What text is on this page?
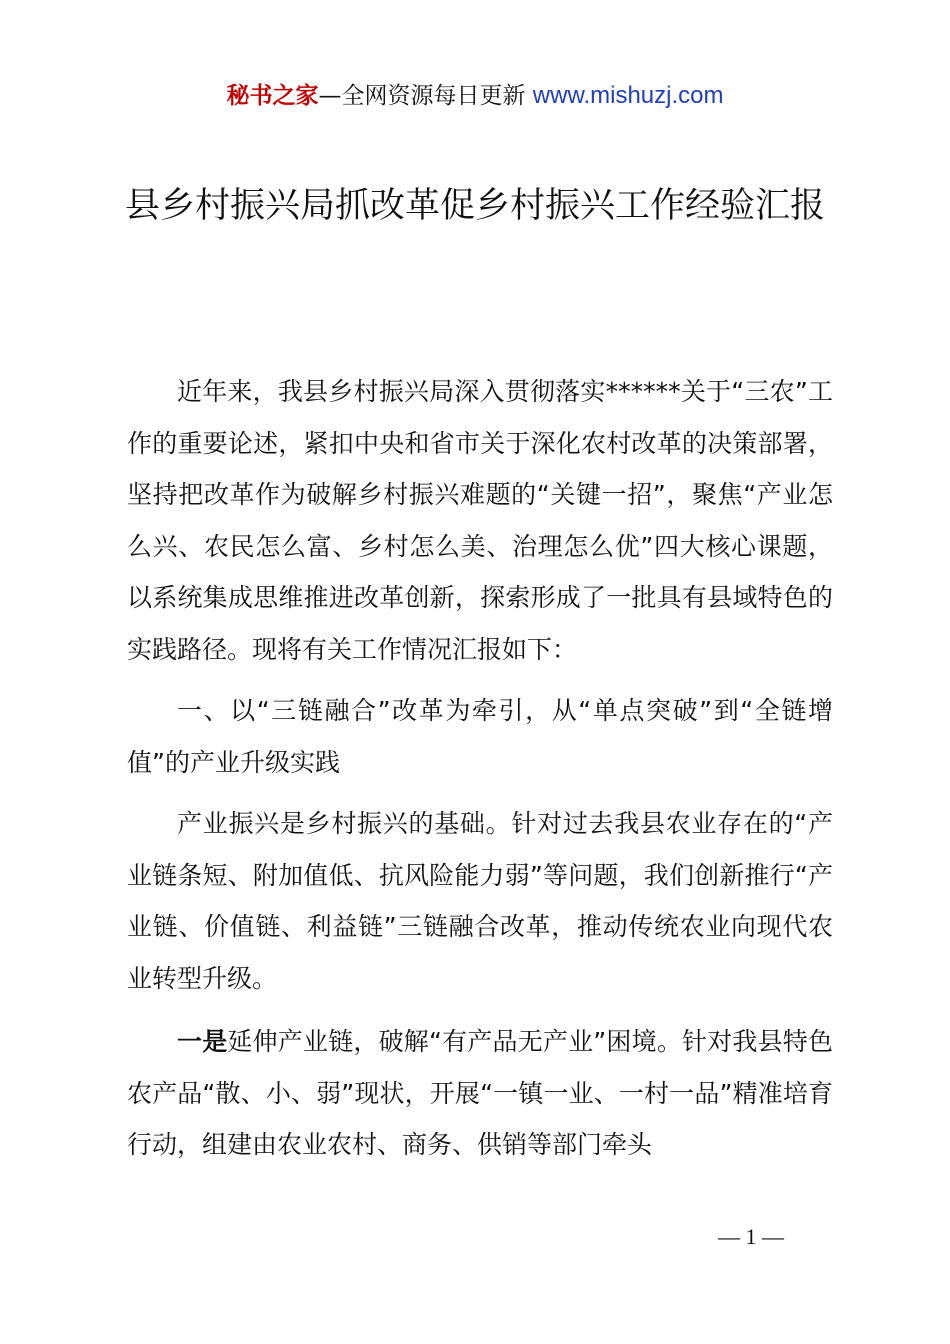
秘书之家—全网资源每日更新 www.mishuzj.com
县乡村振兴局抓改革促乡村振兴工作经验汇报

近年来，我县乡村振兴局深入贯彻落实******关于“三农”工作的重要论述，紧扣中央和省市关于深化农村改革的决策部署，坚持把改革作为破解乡村振兴难题的“关键一招”，聚焦“产业怎么兴、农民怎么富、乡村怎么美、治理怎么优”四大核心课题，以系统集成思维推进改革创新，探索形成了一批具有县域特色的实践路径。现将有关工作情况汇报如下：

一、以“三链融合”改革为牵引，从“单点突破”到“全链增值”的产业升级实践

产业振兴是乡村振兴的基础。针对过去我县农业存在的“产业链条短、附加值低、抗风险能力弱”等问题，我们创新推行“产业链、价值链、利益链”三链融合改革，推动传统农业向现代农业转型升级。

一是延伸产业链，破解“有产品无产业”困境。针对我县特色农产品“散、小、弱”现状，开展“一镇一业、一村一品”精准培育行动，组建由农业农村、商务、供销等部门牵头

— 1 —
